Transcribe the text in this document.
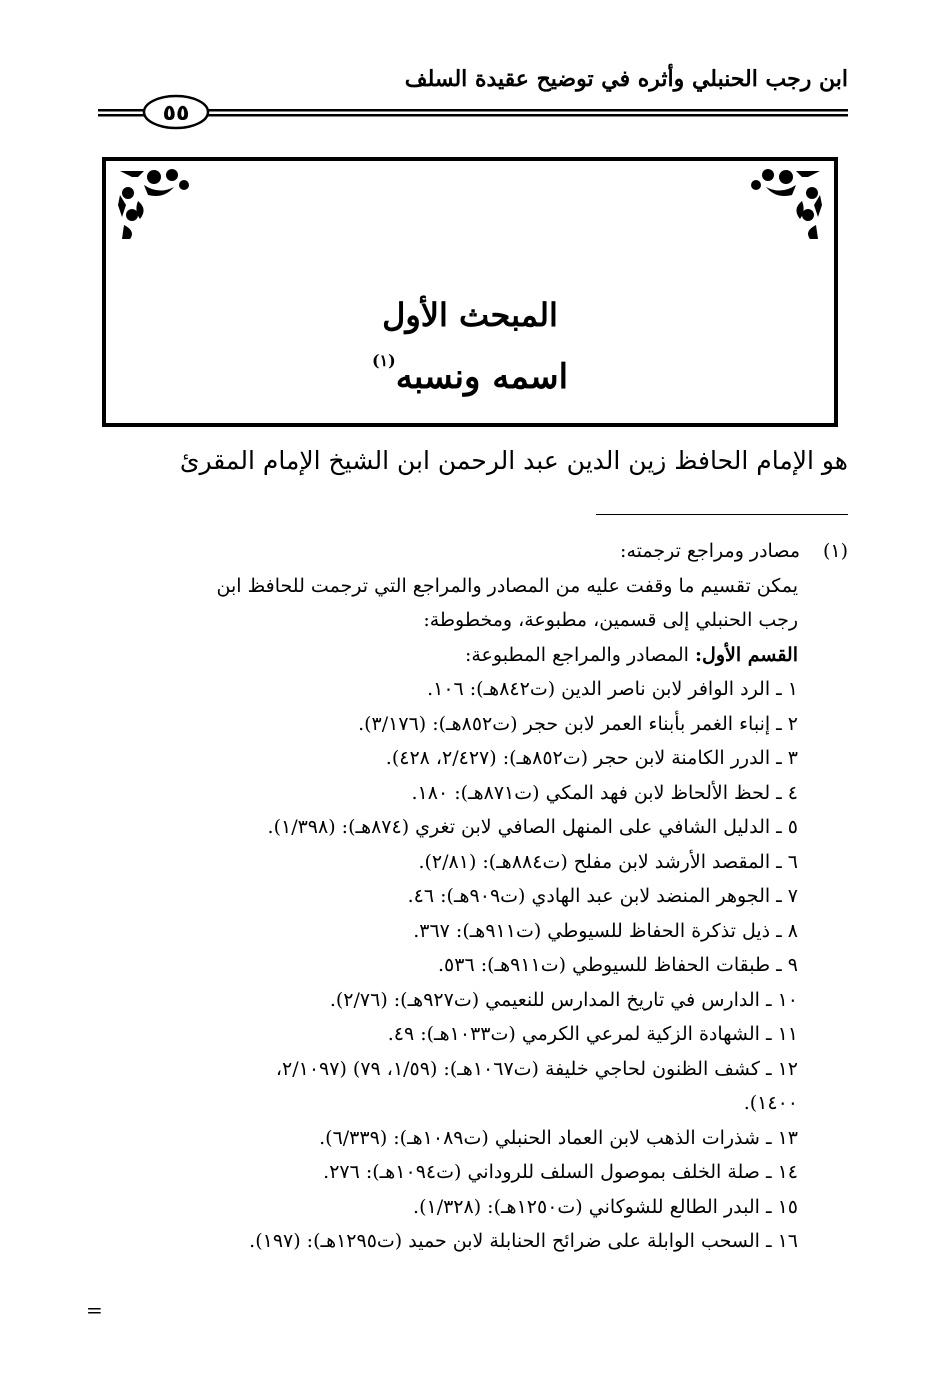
ابن رجب الحنبلي وأثره في توضيح عقيدة السلف
٥٥
المبحث الأول
اسمه ونسبه(١)
هو الإمام الحافظ زين الدين عبد الرحمن ابن الشيخ الإمام المقرئ
(١)مصادر ومراجع ترجمته:
يمكن تقسيم ما وقفت عليه من المصادر والمراجع التي ترجمت للحافظ ابن
رجب الحنبلي إلى قسمين، مطبوعة، ومخطوطة:
القسم الأول: المصادر والمراجع المطبوعة:
١ ـ الرد الوافر لابن ناصر الدين (ت٨٤٢هـ): ١٠٦.
٢ ـ إنباء الغمر بأبناء العمر لابن حجر (ت٨٥٢هـ): (٣/١٧٦).
٣ ـ الدرر الكامنة لابن حجر (ت٨٥٢هـ): (٢/٤٢٧، ٤٢٨).
٤ ـ لحظ الألحاظ لابن فهد المكي (ت٨٧١هـ): ١٨٠.
٥ ـ الدليل الشافي على المنهل الصافي لابن تغري (٨٧٤هـ): (١/٣٩٨).
٦ ـ المقصد الأرشد لابن مفلح (ت٨٨٤هـ): (٢/٨١).
٧ ـ الجوهر المنضد لابن عبد الهادي (ت٩٠٩هـ): ٤٦.
٨ ـ ذيل تذكرة الحفاظ للسيوطي (ت٩١١هـ): ٣٦٧.
٩ ـ طبقات الحفاظ للسيوطي (ت٩١١هـ): ٥٣٦.
١٠ ـ الدارس في تاريخ المدارس للنعيمي (ت٩٢٧هـ): (٢/٧٦).
١١ ـ الشهادة الزكية لمرعي الكرمي (ت١٠٣٣هـ): ٤٩.
١٢ ـ كشف الظنون لحاجي خليفة (ت١٠٦٧هـ): (١/٥٩، ٧٩) (٢/١٠٩٧،
١٤٠٠).
١٣ ـ شذرات الذهب لابن العماد الحنبلي (ت١٠٨٩هـ): (٦/٣٣٩).
١٤ ـ صلة الخلف بموصول السلف للروداني (ت١٠٩٤هـ): ٢٧٦.
١٥ ـ البدر الطالع للشوكاني (ت١٢٥٠هـ): (١/٣٢٨).
١٦ ـ السحب الوابلة على ضرائح الحنابلة لابن حميد (ت١٢٩٥هـ): (١٩٧).
=
